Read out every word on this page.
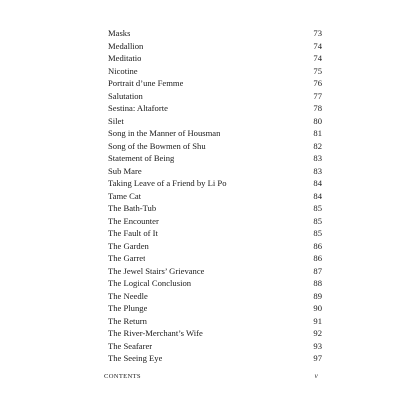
Masks	73
Medallion	74
Meditatio	74
Nicotine	75
Portrait d’une Femme	76
Salutation	77
Sestina: Altaforte	78
Silet	80
Song in the Manner of Housman	81
Song of the Bowmen of Shu	82
Statement of Being	83
Sub Mare	83
Taking Leave of a Friend by Li Po	84
Tame Cat	84
The Bath-Tub	85
The Encounter	85
The Fault of It	85
The Garden	86
The Garret	86
The Jewel Stairs’ Grievance	87
The Logical Conclusion	88
The Needle	89
The Plunge	90
The Return	91
The River-Merchant’s Wife	92
The Seafarer	93
The Seeing Eye	97
CONTENTS	v
